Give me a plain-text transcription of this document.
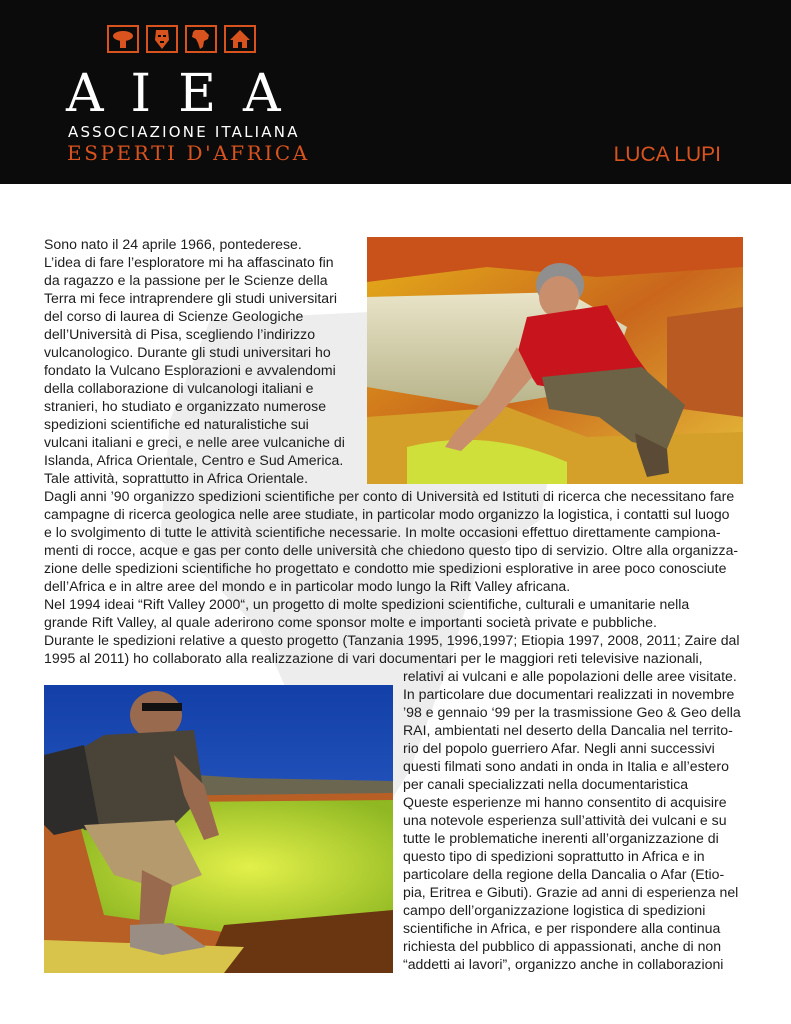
AIEA
ASSOCIAZIONE ITALIANA
ESPERTI D'AFRICA	LUCA LUPI
Sono nato il 24 aprile 1966, pontederese.
L’idea di fare l’esploratore mi ha affascinato fin
da ragazzo e la passione per le Scienze della
Terra mi fece intraprendere gli studi universitari
del corso di laurea di Scienze Geologiche
dell’Università di Pisa, scegliendo l’indirizzo
vulcanologico. Durante gli studi universitari ho
fondato la Vulcano Esplorazioni e avvalendomi
della collaborazione di vulcanologi italiani e
stranieri, ho studiato e organizzato numerose
spedizioni scientifiche ed naturalistiche sui
vulcani italiani e greci, e nelle aree vulcaniche di
Islanda, Africa Orientale, Centro e Sud America.
Tale attività, soprattutto in Africa Orientale.
Dagli anni ’90 organizzo spedizioni scientifiche per conto di Università ed Istituti di ricerca che necessitano fare
campagne di ricerca geologica nelle aree studiate, in particolar modo organizzo la logistica, i contatti sul luogo
e lo svolgimento di tutte le attività scientifiche necessarie. In molte occasioni effettuo direttamente campiona-
menti di rocce, acque e gas per conto delle università che chiedono questo tipo di servizio. Oltre alla organizza-
zione delle spedizioni scientifiche ho progettato e condotto mie spedizioni esplorative in aree poco conosciute
dell’Africa e in altre aree del mondo e in particolar modo lungo la Rift Valley africana.
Nel 1994 ideai “Rift Valley 2000“, un progetto di molte spedizioni scientifiche, culturali e umanitarie nella
grande Rift Valley, al quale aderirono come sponsor molte e importanti società private e pubbliche.
Durante le spedizioni relative a questo progetto (Tanzania 1995, 1996,1997; Etiopia 1997, 2008, 2011; Zaire dal
1995 al 2011) ho collaborato alla realizzazione di vari documentari per le maggiori reti televisive nazionali,
relativi ai vulcani e alle popolazioni delle aree visitate.
In particolare due documentari realizzati in novembre
’98 e gennaio ‘99 per la trasmissione Geo & Geo della
RAI, ambientati nel deserto della Dancalia nel territo-
rio del popolo guerriero Afar. Negli anni successivi
questi filmati sono andati in onda in Italia e all’estero
per canali specializzati nella documentaristica
Queste esperienze mi hanno consentito di acquisire
una notevole esperienza sull’attività dei vulcani e su
tutte le problematiche inerenti all’organizzazione di
questo tipo di spedizioni soprattutto in Africa e in
particolare della regione della Dancalia o Afar (Etio-
pia, Eritrea e Gibuti). Grazie ad anni di esperienza nel
campo dell’organizzazione logistica di spedizioni
scientifiche in Africa, e per rispondere alla continua
richiesta del pubblico di appassionati, anche di non
“addetti ai lavori”, organizzo anche in collaborazioni
